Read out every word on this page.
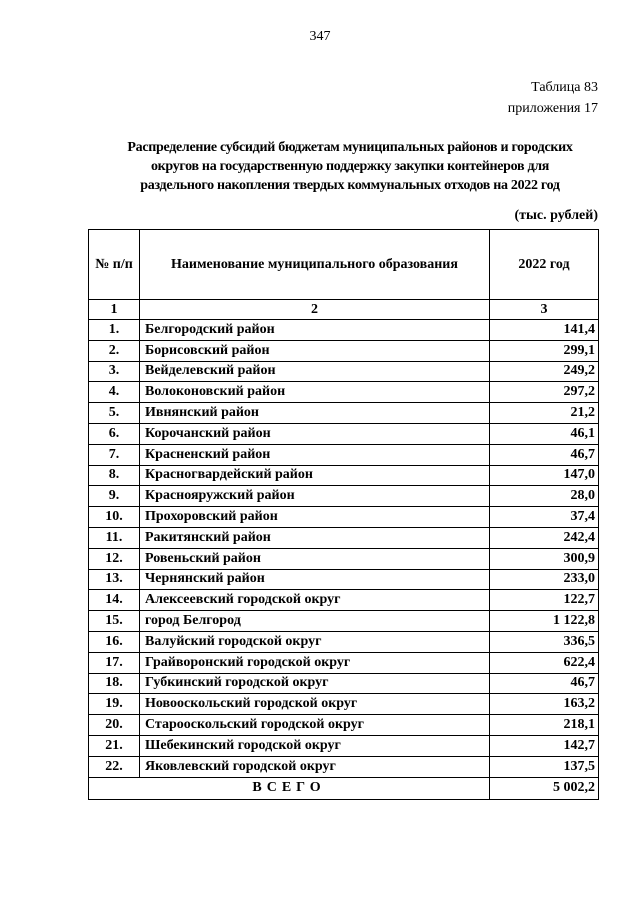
347
Таблица 83
приложения 17
Распределение субсидий бюджетам муниципальных районов и городских
округов на государственную поддержку закупки контейнеров для
раздельного накопления твердых коммунальных отходов на 2022 год
(тыс. рублей)
№ п/п	Наименование муниципального образования	2022 год
1	2	3
1.	Белгородский район	141,4
2.	Борисовский район	299,1
3.	Вейделевский район	249,2
4.	Волоконовский район	297,2
5.	Ивнянский район	21,2
6.	Корочанский район	46,1
7.	Красненский район	46,7
8.	Красногвардейский район	147,0
9.	Краснояружский район	28,0
10.	Прохоровский район	37,4
11.	Ракитянский район	242,4
12.	Ровеньский район	300,9
13.	Чернянский район	233,0
14.	Алексеевский городской округ	122,7
15.	город Белгород	1 122,8
16.	Валуйский городской округ	336,5
17.	Грайворонский городской округ	622,4
18.	Губкинский городской округ	46,7
19.	Новооскольский городской округ	163,2
20.	Старооскольский городской округ	218,1
21.	Шебекинский городской округ	142,7
22.	Яковлевский городской округ	137,5
ВСЕГО		5 002,2
